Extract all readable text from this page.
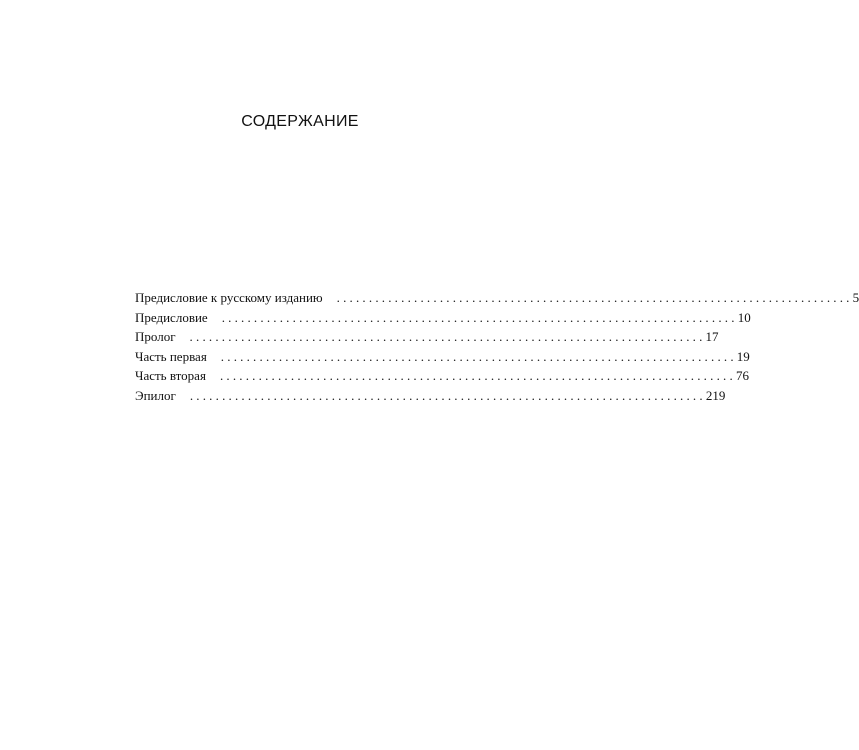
СОДЕРЖАНИЕ
Предисловие к русскому изданию ................................................................................ 5
Предисловие ................................................................................ 10
Пролог ................................................................................ 17
Часть первая ................................................................................ 19
Часть вторая ................................................................................ 76
Эпилог ................................................................................ 219
